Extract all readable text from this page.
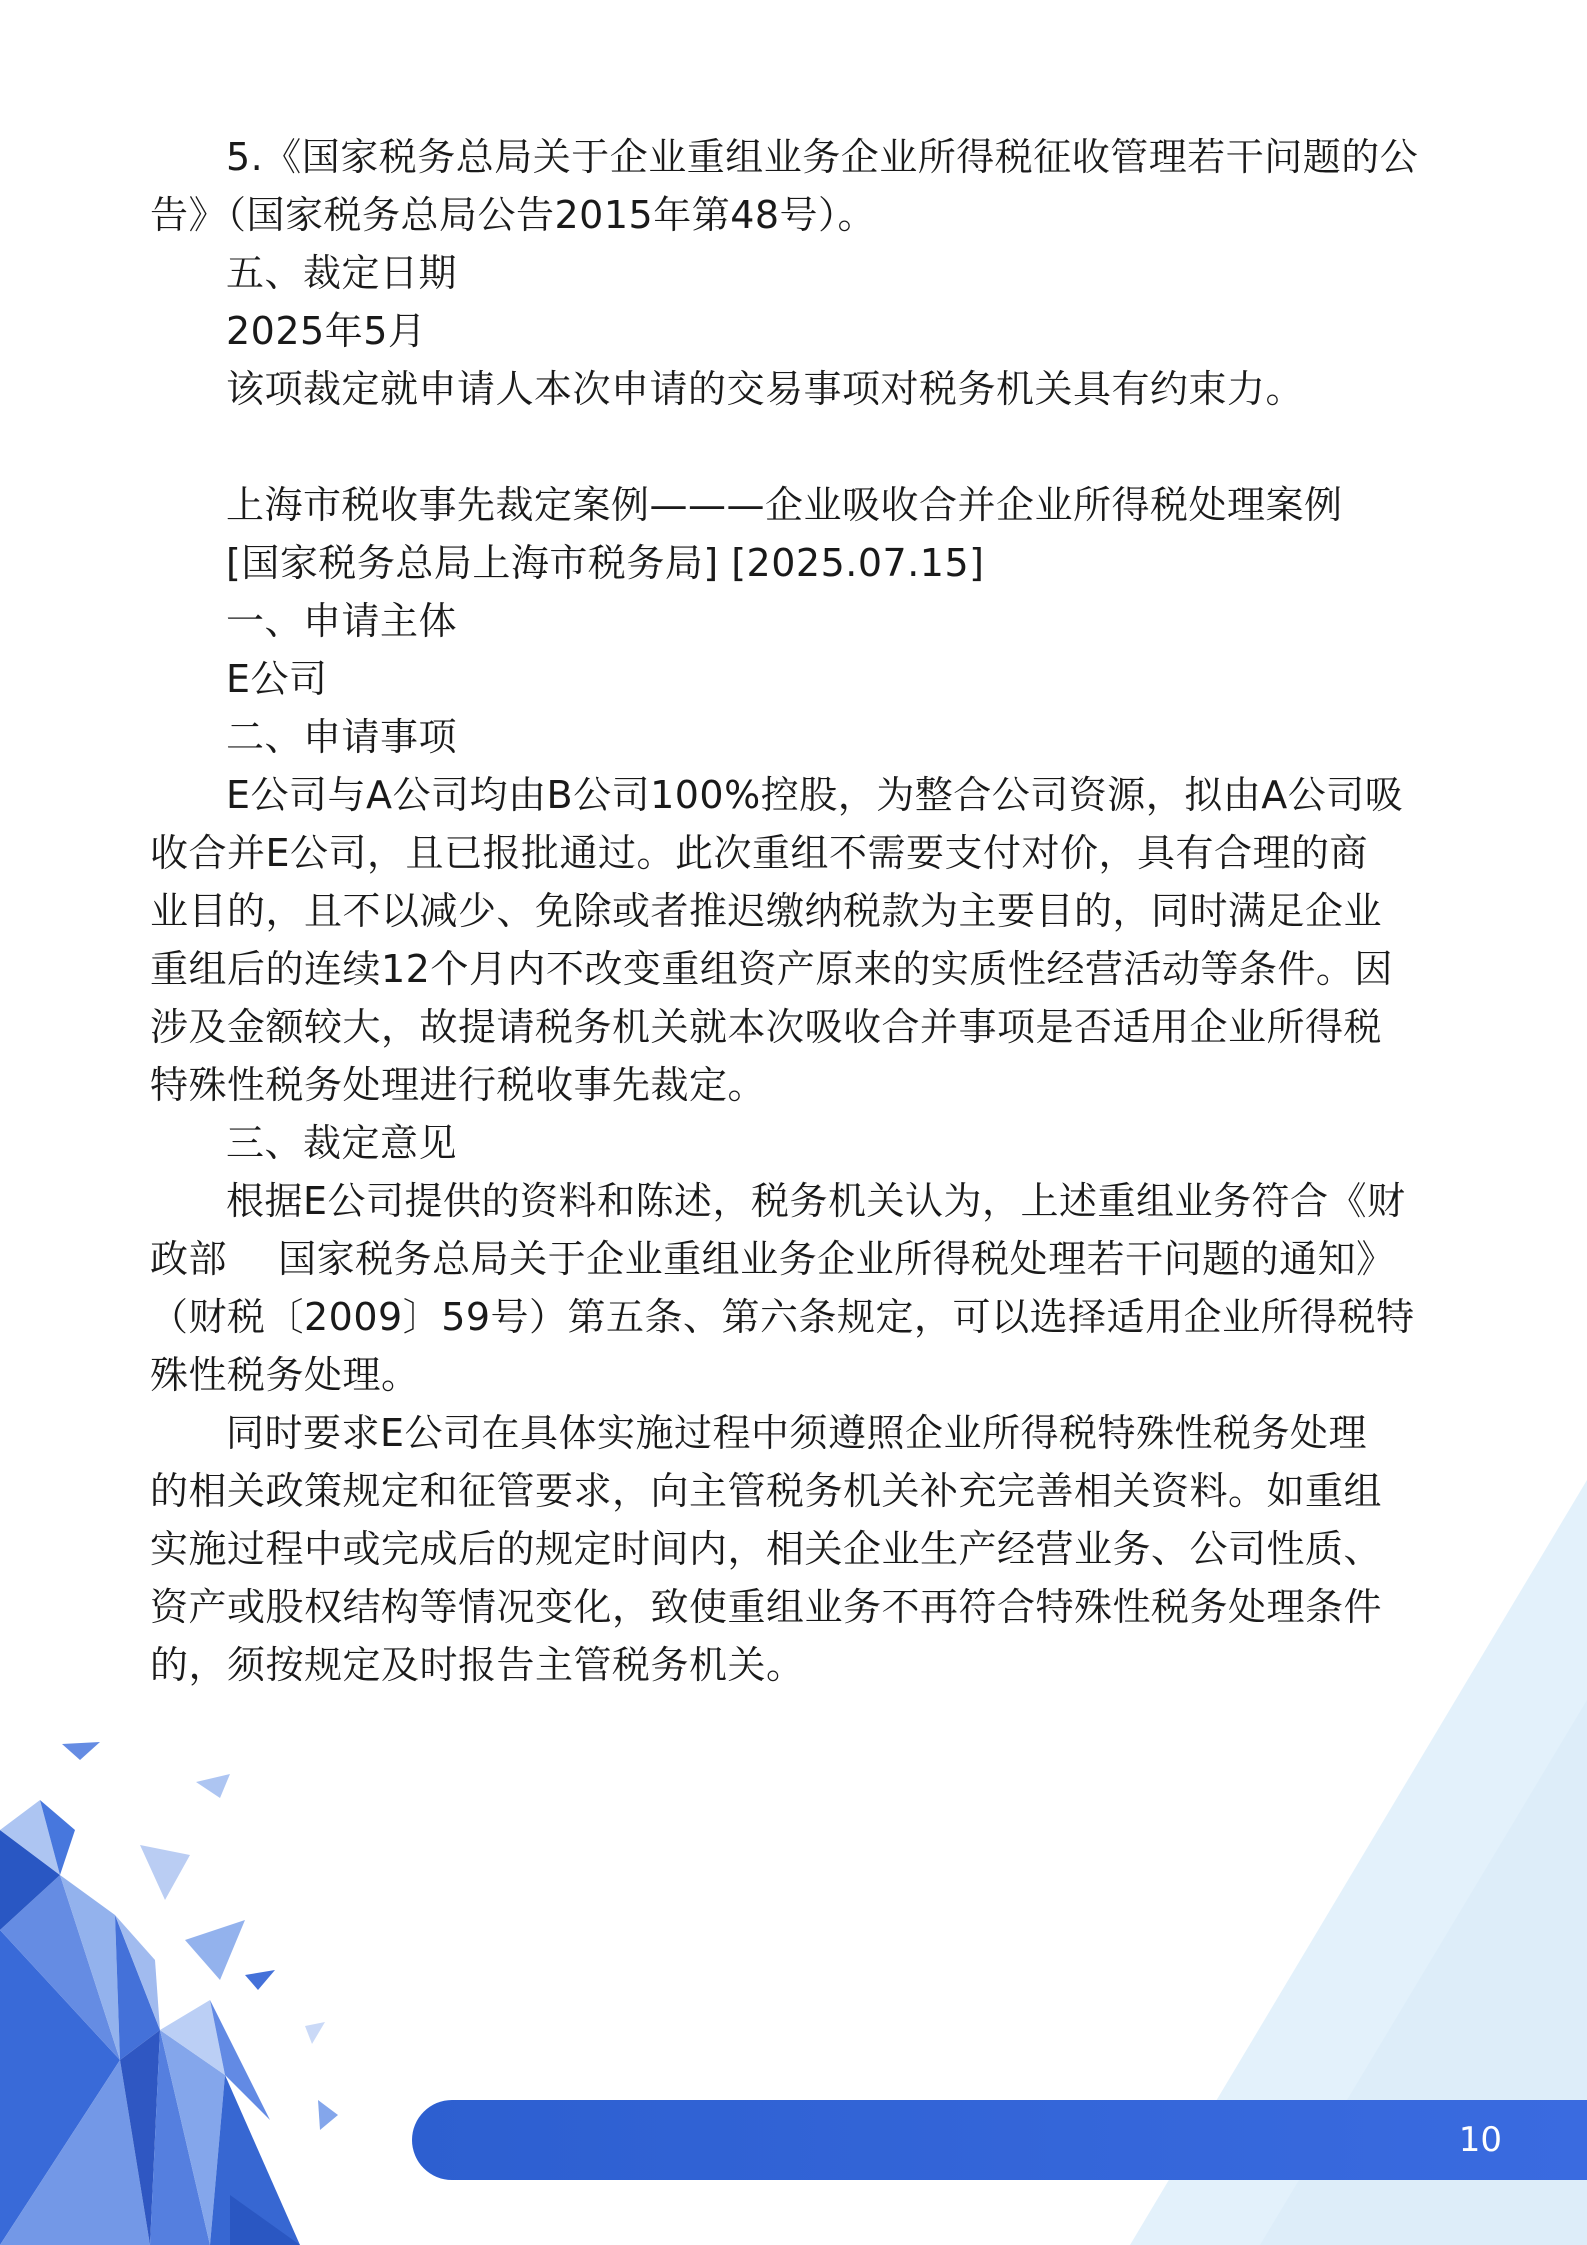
5.《国家税务总局关于企业重组业务企业所得税征收管理若干问题的公

告》（国家税务总局公告2015年第48号）。

五、裁定日期

2025年5月

该项裁定就申请人本次申请的交易事项对税务机关具有约束力。

上海市税收事先裁定案例———企业吸收合并企业所得税处理案例

[国家税务总局上海市税务局] [2025.07.15]

一、申请主体

E公司

二、申请事项

E公司与A公司均由B公司100%控股，为整合公司资源，拟由A公司吸

收合并E公司，且已报批通过。此次重组不需要支付对价，具有合理的商

业目的，且不以减少、免除或者推迟缴纳税款为主要目的，同时满足企业

重组后的连续12个月内不改变重组资产原来的实质性经营活动等条件。因

涉及金额较大，故提请税务机关就本次吸收合并事项是否适用企业所得税

特殊性税务处理进行税收事先裁定。

三、裁定意见

根据E公司提供的资料和陈述，税务机关认为，上述重组业务符合《财

政部　 国家税务总局关于企业重组业务企业所得税处理若干问题的通知》

（财税〔2009〕59号）第五条、第六条规定，可以选择适用企业所得税特

殊性税务处理。

同时要求E公司在具体实施过程中须遵照企业所得税特殊性税务处理

的相关政策规定和征管要求，向主管税务机关补充完善相关资料。如重组

实施过程中或完成后的规定时间内，相关企业生产经营业务、公司性质、

资产或股权结构等情况变化，致使重组业务不再符合特殊性税务处理条件

的，须按规定及时报告主管税务机关。

10
